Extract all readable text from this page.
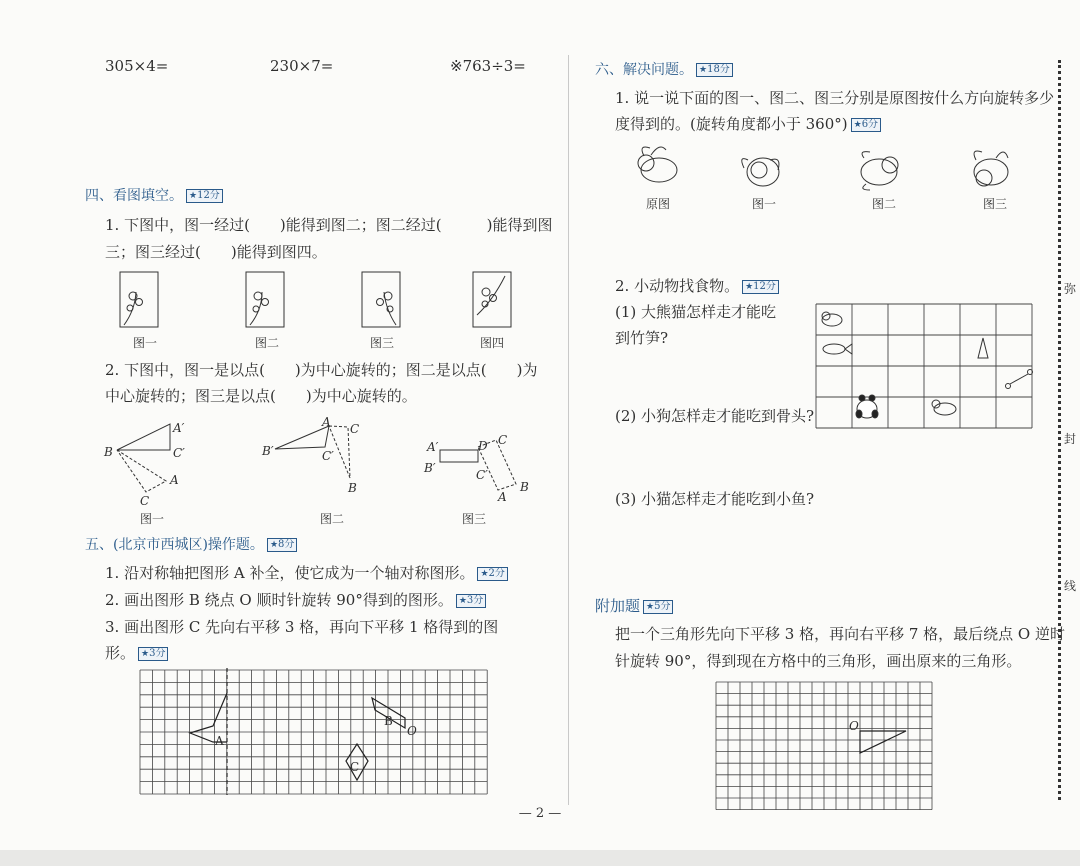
305×4=	230×7=	※763÷3=
四、看图填空。 ★12分
1. 下图中，图一经过(　　)能得到图二；图二经过(　　　)能得到图
三；图三经过(　　)能得到图四。
图一	图二	图三	图四
2. 下图中，图一是以点(　　)为中心旋转的；图二是以点(　　)为
中心旋转的；图三是以点(　　)为中心旋转的。
A′
B	C′
A
C
A C
B′	C′
B
A′	D C
B′	C′
A
B
图一	图二	图三
五、(北京市西城区)操作题。 ★8分
1. 沿对称轴把图形 A 补全，使它成为一个轴对称图形。 ★2分
2. 画出图形 B 绕点 O 顺时针旋转 90°得到的图形。 ★3分
3. 画出图形 C 先向右平移 3 格，再向下平移 1 格得到的图
形。 ★3分
A
B
O
C
六、解决问题。 ★18分
1. 说一说下面的图一、图二、图三分别是原图按什么方向旋转多少
度得到的。(旋转角度都小于 360°) ★6分
原图	图一	图二	图三
2. 小动物找食物。 ★12分
(1) 大熊猫怎样走才能吃
到竹笋?
(2) 小狗怎样走才能吃到骨头?
(3) 小猫怎样走才能吃到小鱼?
附加题 ★5分
把一个三角形先向下平移 3 格，再向右平移 7 格，最后绕点 O 逆时
针旋转 90°，得到现在方格中的三角形，画出原来的三角形。
O
弥
封
线
— 2 —
